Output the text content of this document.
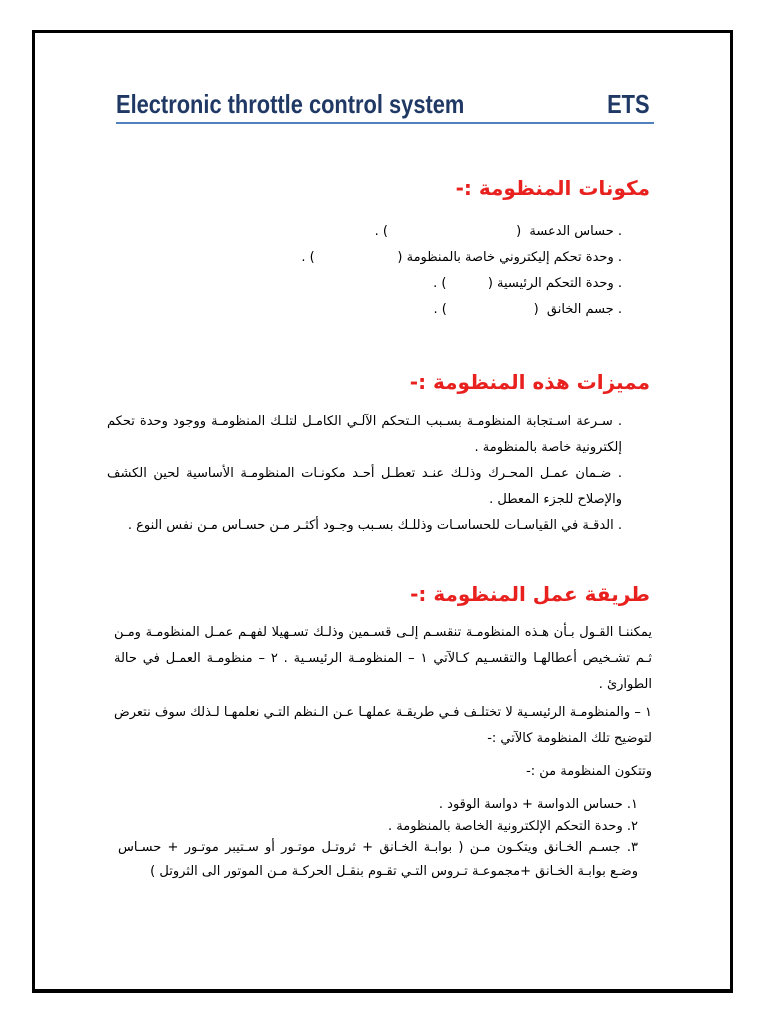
Electronic throttle control system	ETS
مكونات المنظومة :-
. حساس الدعسة  (‏                               ) .
. وحدة تحكم إليكتروني خاصة بالمنظومة (‏                    ) .
. وحدة التحكم الرئيسية (‏          ) .
. جسم الخانق  (‏                     ) .
مميزات هذه المنظومة :-
. سـرعة اسـتجابة المنظومـة بسـبب الـتحكم الآلـي الكامـل لتلـك المنظومـة ووجود وحدة تحكم إلكترونية خاصة بالمنظومة .
. ضـمان عمـل المحـرك وذلـك عنـد تعطـل أحـد مكونـات المنظومـة الأساسية لحين الكشف والإصلاح للجزء المعطل .
. الدقـة في القياسـات للحساسـات وذللـك بسـبب وجـود أكثـر مـن حسـاس مـن نفس النوع .
طريقة عمل المنظومة :-

يمكننـا القـول بـأن هـذه المنظومـة تنقسـم إلـى قسـمين وذلـك تسـهيلا لفهـم عمـل المنظومـة ومـن ثـم تشـخيص أعطالهـا والتقسـيم كـالآتي ١ – المنظومـة الرئيسـية . ٢ – منظومـة العمـل في حالة الطوارئ .

١ – والمنظومـة الرئيسـية لا تختلـف فـي طريقـة عملهـا عـن الـنظم التـي نعلمهـا لـذلك سوف نتعرض لتوضيح تلك المنظومة كالآتي :-

وتتكون المنظومة من :-

١. حساس الدواسة + دواسة الوقود .
٢. وحدة التحكم الإلكترونية الخاصة بالمنظومة .
٣. جسـم الخـانق ويتكـون مـن ( بوابـة الخـانق + ثروتـل موتـور أو سـتيبر موتـور + حسـاس وضـع بوابـة الخـانق +مجموعـة تـروس التـي تقـوم بنقـل الحركـة مـن الموتور الى الثروتل )
